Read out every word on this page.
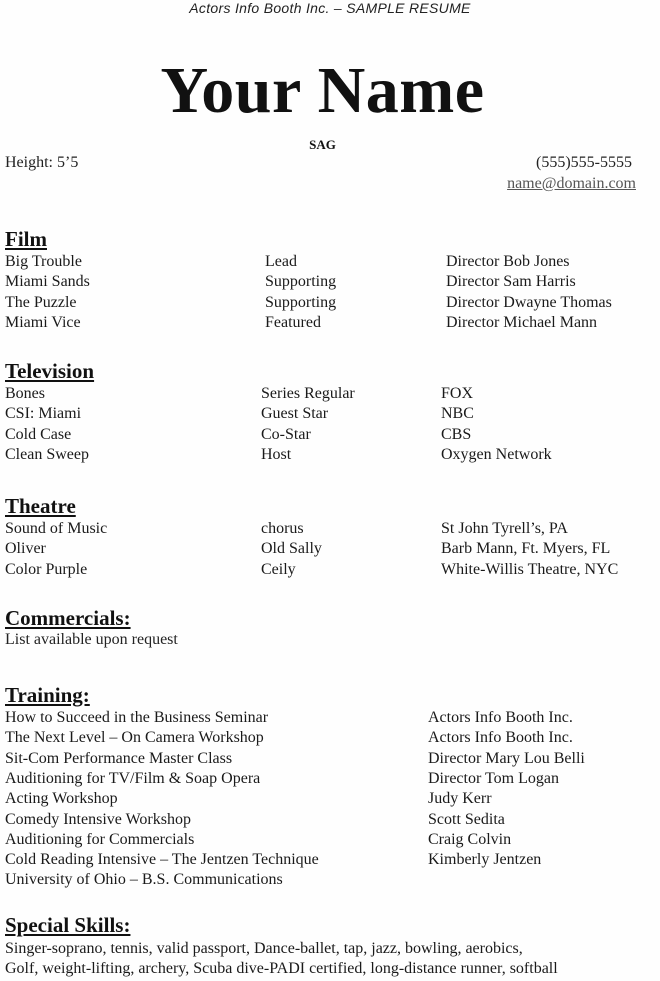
Actors Info Booth Inc. – SAMPLE RESUME
Your Name
SAG
Height: 5’5	(555)555-5555
name@domain.com
Film
Big Trouble	Lead	Director Bob Jones
Miami Sands	Supporting	Director Sam Harris
The Puzzle	Supporting	Director Dwayne Thomas
Miami Vice	Featured	Director Michael Mann
Television
Bones	Series Regular	FOX
CSI: Miami	Guest Star	NBC
Cold Case	Co-Star	CBS
Clean Sweep	Host	Oxygen Network
Theatre
Sound of Music	chorus	St John Tyrell’s, PA
Oliver	Old Sally	Barb Mann, Ft. Myers, FL
Color Purple	Ceily	White-Willis Theatre, NYC
Commercials:
List available upon request
Training:
How to Succeed in the Business Seminar	Actors Info Booth Inc.
The Next Level – On Camera Workshop	Actors Info Booth Inc.
Sit-Com Performance Master Class	Director Mary Lou Belli
Auditioning for TV/Film & Soap Opera	Director Tom Logan
Acting Workshop	Judy Kerr
Comedy Intensive Workshop	Scott Sedita
Auditioning for Commercials	Craig Colvin
Cold Reading Intensive – The Jentzen Technique	Kimberly Jentzen
University of Ohio – B.S. Communications
Special Skills:
Singer-soprano, tennis, valid passport, Dance-ballet, tap, jazz, bowling, aerobics,
Golf, weight-lifting, archery, Scuba dive-PADI certified, long-distance runner, softball
